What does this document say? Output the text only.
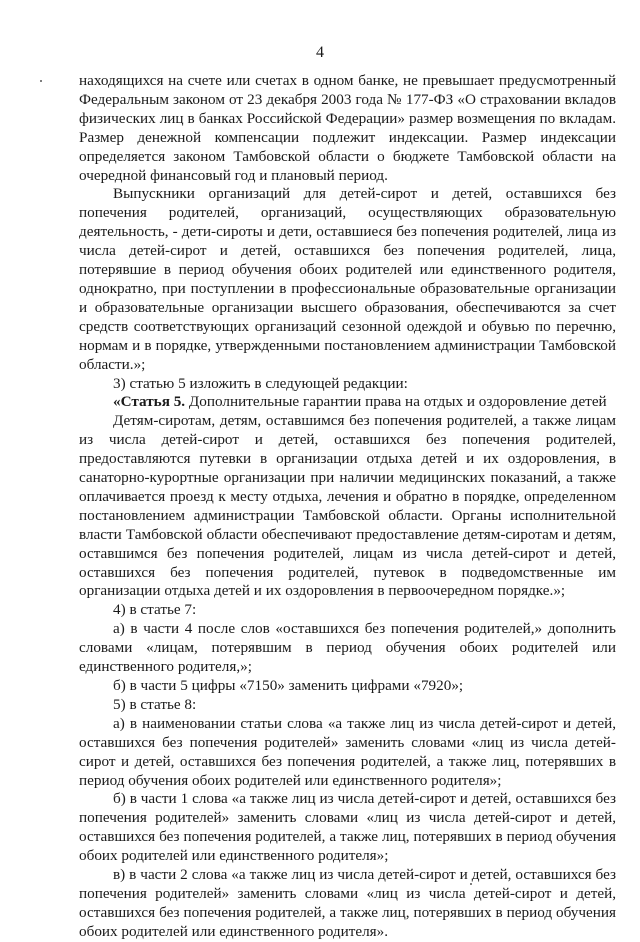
4

находящихся на счете или счетах в одном банке, не превышает предусмотренный Федеральным законом от 23 декабря 2003 года № 177-ФЗ «О страховании вкладов физических лиц в банках Российской Федерации» размер возмещения по вкладам. Размер денежной компенсации подлежит индексации. Размер индексации определяется законом Тамбовской области о бюджете Тамбовской области на очередной финансовый год и плановый период.

Выпускники организаций для детей-сирот и детей, оставшихся без попечения родителей, организаций, осуществляющих образовательную деятельность, - дети-сироты и дети, оставшиеся без попечения родителей, лица из числа детей-сирот и детей, оставшихся без попечения родителей, лица, потерявшие в период обучения обоих родителей или единственного родителя, однократно, при поступлении в профессиональные образовательные организации и образовательные организации высшего образования, обеспечиваются за счет средств соответствующих организаций сезонной одеждой и обувью по перечню, нормам и в порядке, утвержденными постановлением администрации Тамбовской области.»;

3) статью 5 изложить в следующей редакции:

«Статья 5. Дополнительные гарантии права на отдых и оздоровление детей

Детям-сиротам, детям, оставшимся без попечения родителей, а также лицам из числа детей-сирот и детей, оставшихся без попечения родителей, предоставляются путевки в организации отдыха детей и их оздоровления, в санаторно-курортные организации при наличии медицинских показаний, а также оплачивается проезд к месту отдыха, лечения и обратно в порядке, определенном постановлением администрации Тамбовской области. Органы исполнительной власти Тамбовской области обеспечивают предоставление детям-сиротам и детям, оставшимся без попечения родителей, лицам из числа детей-сирот и детей, оставшихся без попечения родителей, путевок в подведомственные им организации отдыха детей и их оздоровления в первоочередном порядке.»;

4) в статье 7:

а) в части 4 после слов «оставшихся без попечения родителей,» дополнить словами «лицам, потерявшим в период обучения обоих родителей или единственного родителя,»;

б) в части 5 цифры «7150» заменить цифрами «7920»;

5) в статье 8:

а) в наименовании статьи слова «а также лиц из числа детей-сирот и детей, оставшихся без попечения родителей» заменить словами «лиц из числа детей-сирот и детей, оставшихся без попечения родителей, а также лиц, потерявших в период обучения обоих родителей или единственного родителя»;

б) в части 1 слова «а также лиц из числа детей-сирот и детей, оставшихся без попечения родителей» заменить словами «лиц из числа детей-сирот и детей, оставшихся без попечения родителей, а также лиц, потерявших в период обучения обоих родителей или единственного родителя»;

в) в части 2 слова «а также лиц из числа детей-сирот и детей, оставшихся без попечения родителей» заменить словами «лиц из числа детей-сирот и детей, оставшихся без попечения родителей, а также лиц, потерявших в период обучения обоих родителей или единственного родителя».
